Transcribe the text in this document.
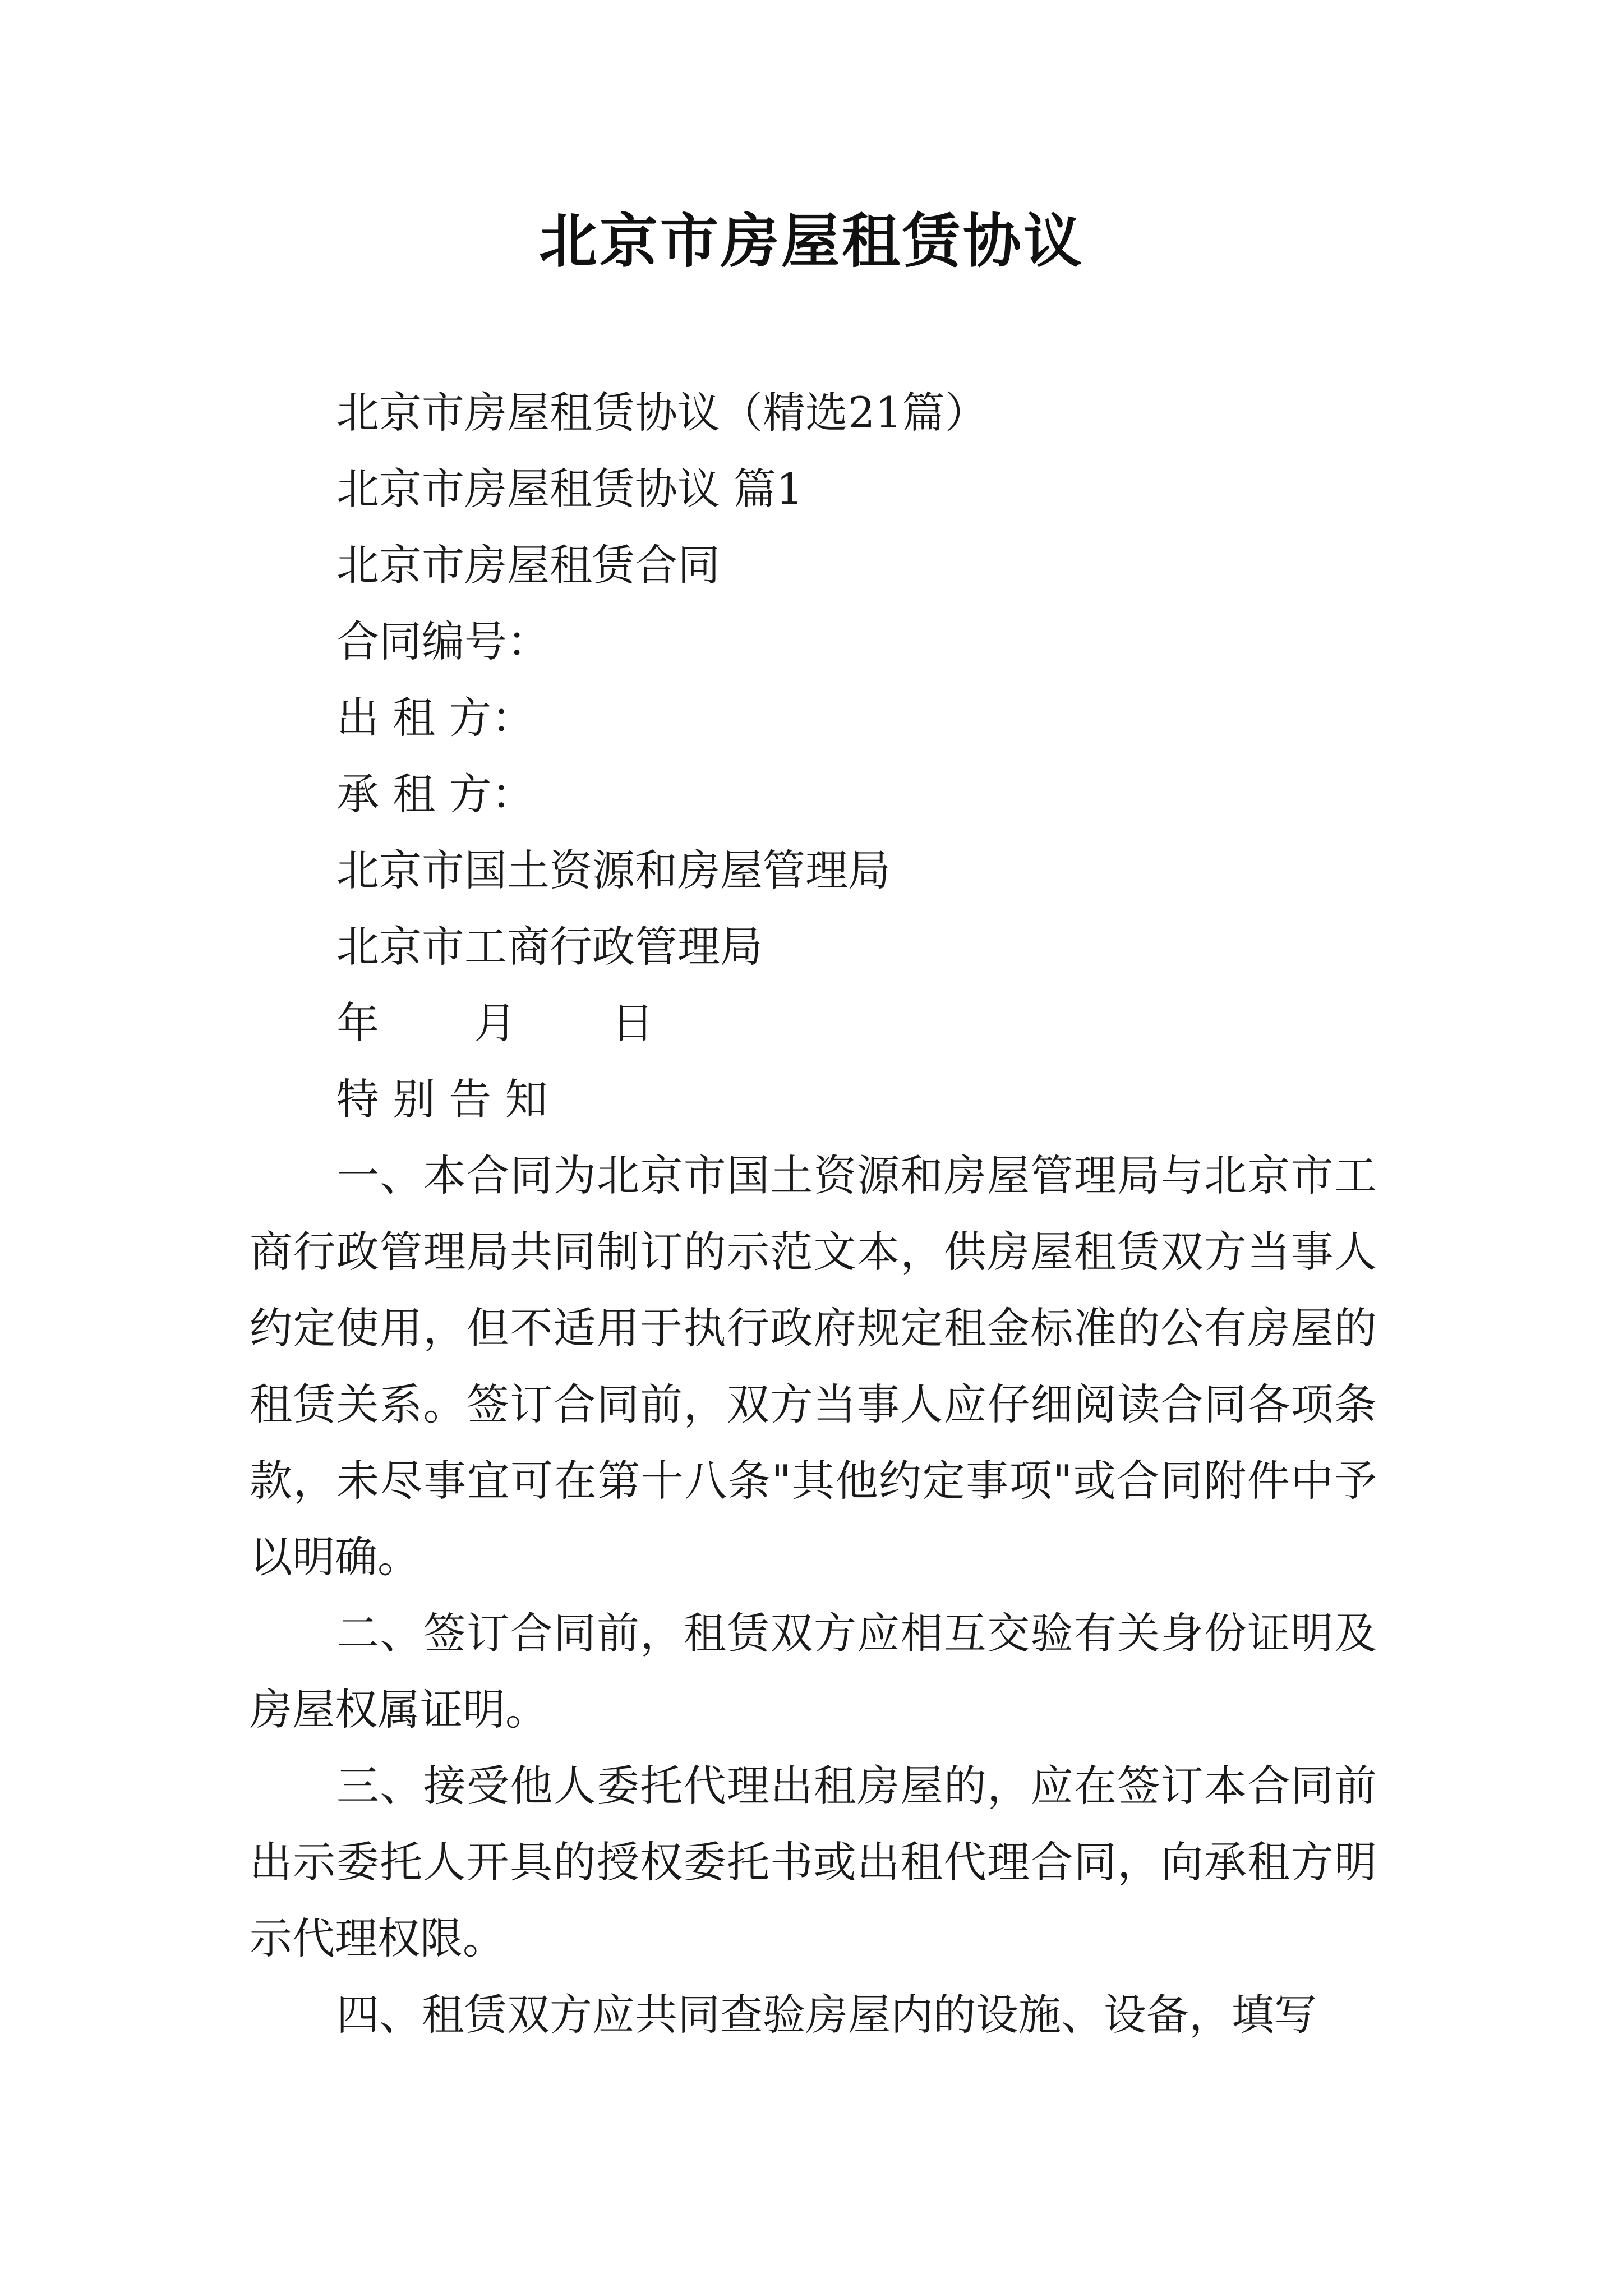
北京市房屋租赁协议

北京市房屋租赁协议（精选21篇）

北京市房屋租赁协议 篇1

北京市房屋租赁合同

合同编号：

出 租 方：

承 租 方：

北京市国土资源和房屋管理局

北京市工商行政管理局

年       月       日

特 别 告 知

一、本合同为北京市国土资源和房屋管理局与北京市工商行政管理局共同制订的示范文本，供房屋租赁双方当事人约定使用，但不适用于执行政府规定租金标准的公有房屋的租赁关系。签订合同前，双方当事人应仔细阅读合同各项条款，未尽事宜可在第十八条"其他约定事项"或合同附件中予以明确。

二、签订合同前，租赁双方应相互交验有关身份证明及房屋权属证明。

三、接受他人委托代理出租房屋的，应在签订本合同前出示委托人开具的授权委托书或出租代理合同，向承租方明示代理权限。

四、租赁双方应共同查验房屋内的设施、设备，填写
